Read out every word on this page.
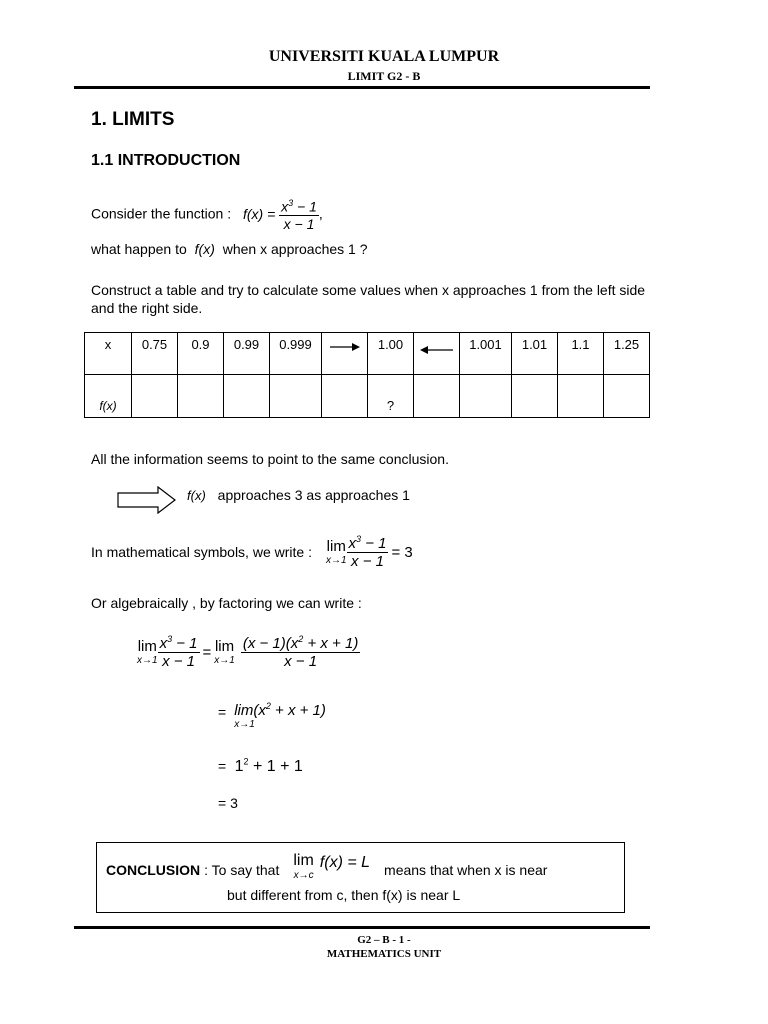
UNIVERSITI KUALA LUMPUR
LIMIT G2 - B
1. LIMITS
1.1 INTRODUCTION
Consider the function : $f(x) = \frac{x^3 - 1}{x - 1}$ ,
what happen to f(x) when x approaches 1 ?
Construct a table and try to calculate some values when x approaches 1 from the left side and the right side.
x	0.75	0.9	0.99	0.999		1.00		1.001	1.01	1.1	1.25
f(x)						?					
All the information seems to point to the same conclusion.
f(x) approaches 3 as approaches 1
In mathematical symbols, we write : lim
$x\to 1 \frac{x^3 - 1}{x - 1} = 3$
Or algebraically , by factoring we can write :
lim
$x\to 1 \frac{x^3 - 1}{x - 1} = \lim$
$x\to 1 \frac{(x - 1)(x^2 + x + 1)}{x - 1}$
= $\lim(x^2 + x + 1)$
x→1
= $1^2 + 1 + 1$
= 3
CONCLUSION : To say that
lim
x→c
f(x) = L means that when x is near
but different from c, then f(x) is near L
G2 – B - 1 -
MATHEMATICS UNIT
